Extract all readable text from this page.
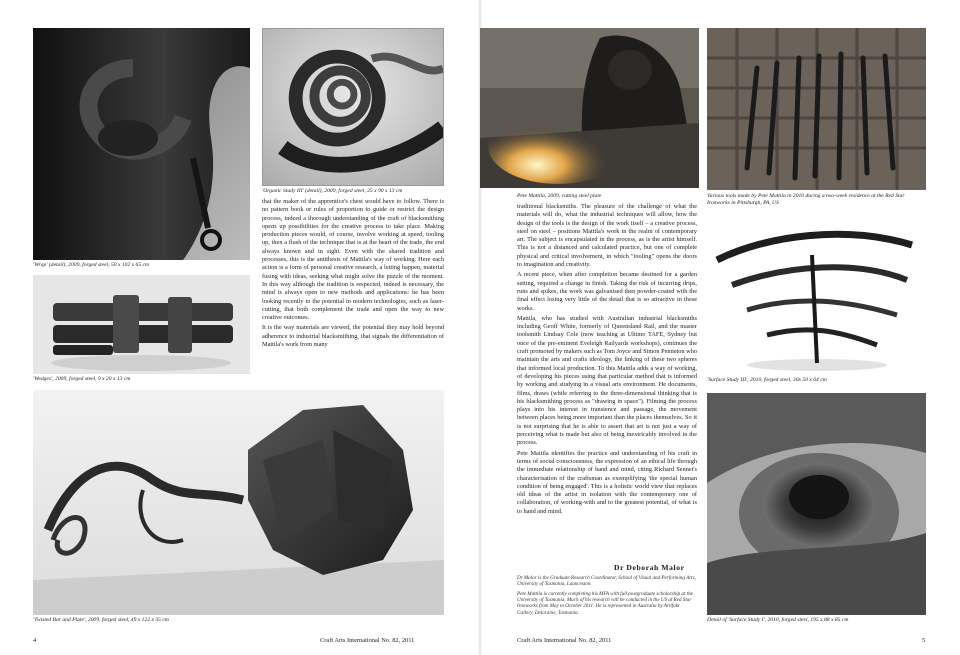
'Wrap' (detail), 2009, forged steel, 50 x 102 x 65 cm
'Organic Study III' (detail), 2009, forged steel, 25 x 90 x 13 cm
'Wedges', 2009, forged steel, 9 x 20 x 13 cm

that the maker of the apprentice's chest would have to follow. There is no pattern book or rules of proportion to guide or restrict the design process, indeed a thorough understanding of the craft of blacksmithing opens up possibilities for the creative process to take place. Making production pieces would, of course, involve working at speed, tooling up, then a flush of the technique that is at the heart of the trade, the end always known and in sight. Even with the shared tradition and processes, this is the antithesis of Mattila's way of working. Here each action is a form of personal creative research, a letting happen, material fusing with ideas, seeking what might solve the puzzle of the moment. In this way although the tradition is respected, indeed is necessary, the mind is always open to new methods and applications: he has been looking recently to the potential in modern technologies, such as laser-cutting, that both complement the trade and open the way to new creative outcomes.

It is the way materials are viewed, the potential they may hold beyond adherence to industrial blacksmithing, that signals the differentiation of Mattila's work from many

'Twisted Bar and Plate', 2009, forged steel, 49 x 122 x 35 cm
4	Craft Arts International No. 82, 2011
Pete Mattila, 2009, cutting steel plate	Various tools made by Pete Mattila in 2010 during a two-week residence at the Red Star Ironworks in Pittsburgh, PA, US

traditional blacksmiths. The pleasure of the challenge of what the materials will do, what the industrial techniques will allow, how the design of the tools is the design of the work itself – a creative process, steel on steel – positions Mattila's work in the realm of contemporary art. The subject is encapsulated in the process, as is the artist himself. This is not a distanced and calculated practice, but one of complete physical and critical involvement, in which "tooling" opens the doors to imagination and creativity.

A recent piece, when after completion became destined for a garden setting, required a change in finish. Taking the risk of incurring drips, runs and spikes, the work was galvanised then powder-coated with the final effect losing very little of the detail that is so attractive in these works.

Mattila, who has studied with Australian industrial blacksmiths including Geoff White, formerly of Queensland Rail, and the master toolsmith Lindsay Cole (now teaching at Ultimo TAFE, Sydney but once of the pre-eminent Eveleigh Railyards workshops), continues the craft promoted by makers such as Tom Joyce and Simon Penneton who maintain the arts and crafts ideology, the linking of these two spheres that informed local production. To this Mattila adds a way of working, of developing his pieces using that particular method that is informed by working and studying in a visual arts environment. He documents, films, draws (while referring to the three-dimensional thinking that is his blacksmithing process as "drawing in space"). Filming the process plays into his interest in transience and passage, the movement between places being more important than the places themselves. So it is not surprising that he is able to assert that art is not just a way of perceiving what is made but also of being inextricably involved in the process.

Pete Mattila identifies the practice and understanding of his craft in terms of social consciousness, the expression of an ethical life through the immediate relationship of hand and mind, citing Richard Sennet's characterisation of the craftsman as exemplifying 'the special human condition of being engaged'. This is a holistic world view that replaces old ideas of the artist in isolation with the contemporary one of collaboration, of working-with and to the greatest potential, of what is to hand and mind.

Dr Deborah Malor

Dr Malor is the Graduate Research Coordinator, School of Visual and Performing Arts, University of Tasmania, Launceston.

Pete Mattila is currently completing his MFA with full postgraduate scholarship at the University of Tasmania. Much of his research will be conducted in the US at Red Star Ironworks from May to October 2011. He is represented in Australia by Artifakt Gallery, Deloraine, Tasmania.

'Surface Study III', 2010, forged steel, 30x 50 x 64 cm
Detail of 'Surface Study I', 2010, forged steel, 195 x 88 x 85 cm
Craft Arts International No. 82, 2011	5
